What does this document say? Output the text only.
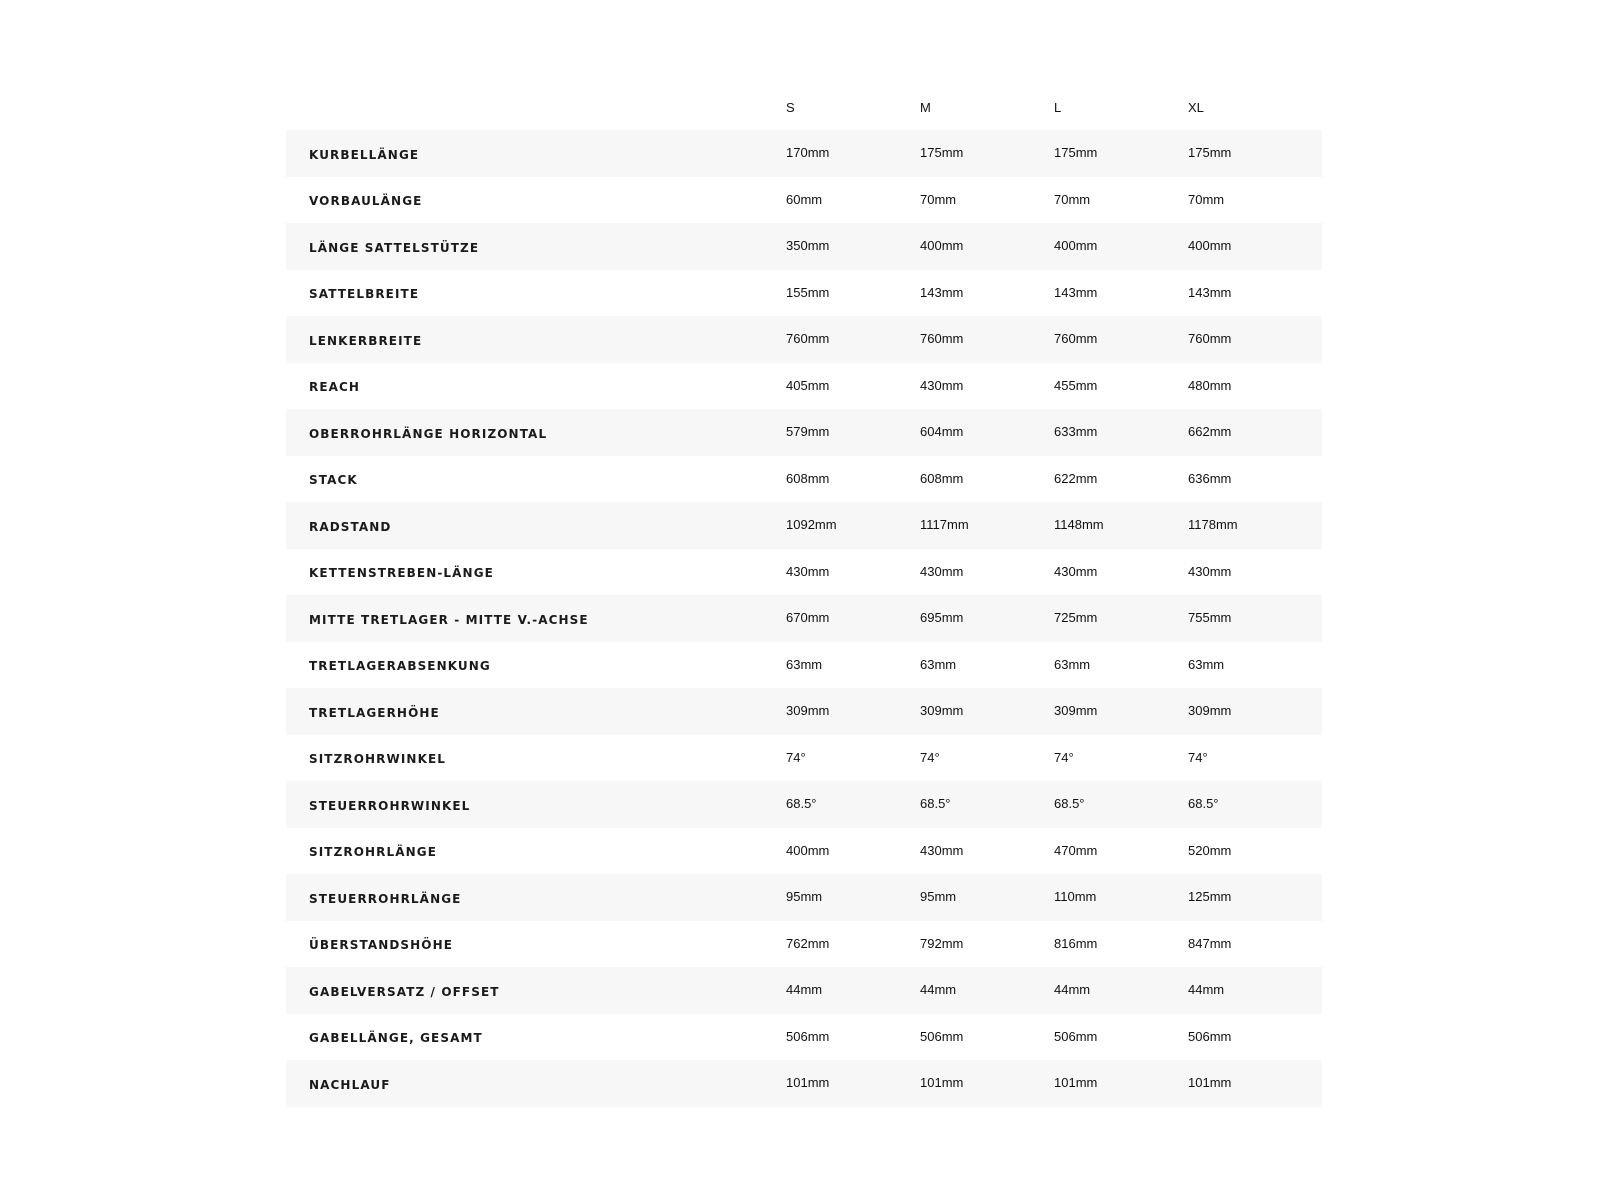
	S	M	L	XL
KURBELLÄNGE	170mm	175mm	175mm	175mm
VORBAULÄNGE	60mm	70mm	70mm	70mm
LÄNGE SATTELSTÜTZE	350mm	400mm	400mm	400mm
SATTELBREITE	155mm	143mm	143mm	143mm
LENKERBREITE	760mm	760mm	760mm	760mm
REACH	405mm	430mm	455mm	480mm
OBERROHRLÄNGE HORIZONTAL	579mm	604mm	633mm	662mm
STACK	608mm	608mm	622mm	636mm
RADSTAND	1092mm	1117mm	1148mm	1178mm
KETTENSTREBEN-LÄNGE	430mm	430mm	430mm	430mm
MITTE TRETLAGER - MITTE V.-ACHSE	670mm	695mm	725mm	755mm
TRETLAGERABSENKUNG	63mm	63mm	63mm	63mm
TRETLAGERHÖHE	309mm	309mm	309mm	309mm
SITZROHRWINKEL	74°	74°	74°	74°
STEUERROHRWINKEL	68.5°	68.5°	68.5°	68.5°
SITZROHRLÄNGE	400mm	430mm	470mm	520mm
STEUERROHRLÄNGE	95mm	95mm	110mm	125mm
ÜBERSTANDSHÖHE	762mm	792mm	816mm	847mm
GABELVERSATZ / OFFSET	44mm	44mm	44mm	44mm
GABELLÄNGE, GESAMT	506mm	506mm	506mm	506mm
NACHLAUF	101mm	101mm	101mm	101mm
